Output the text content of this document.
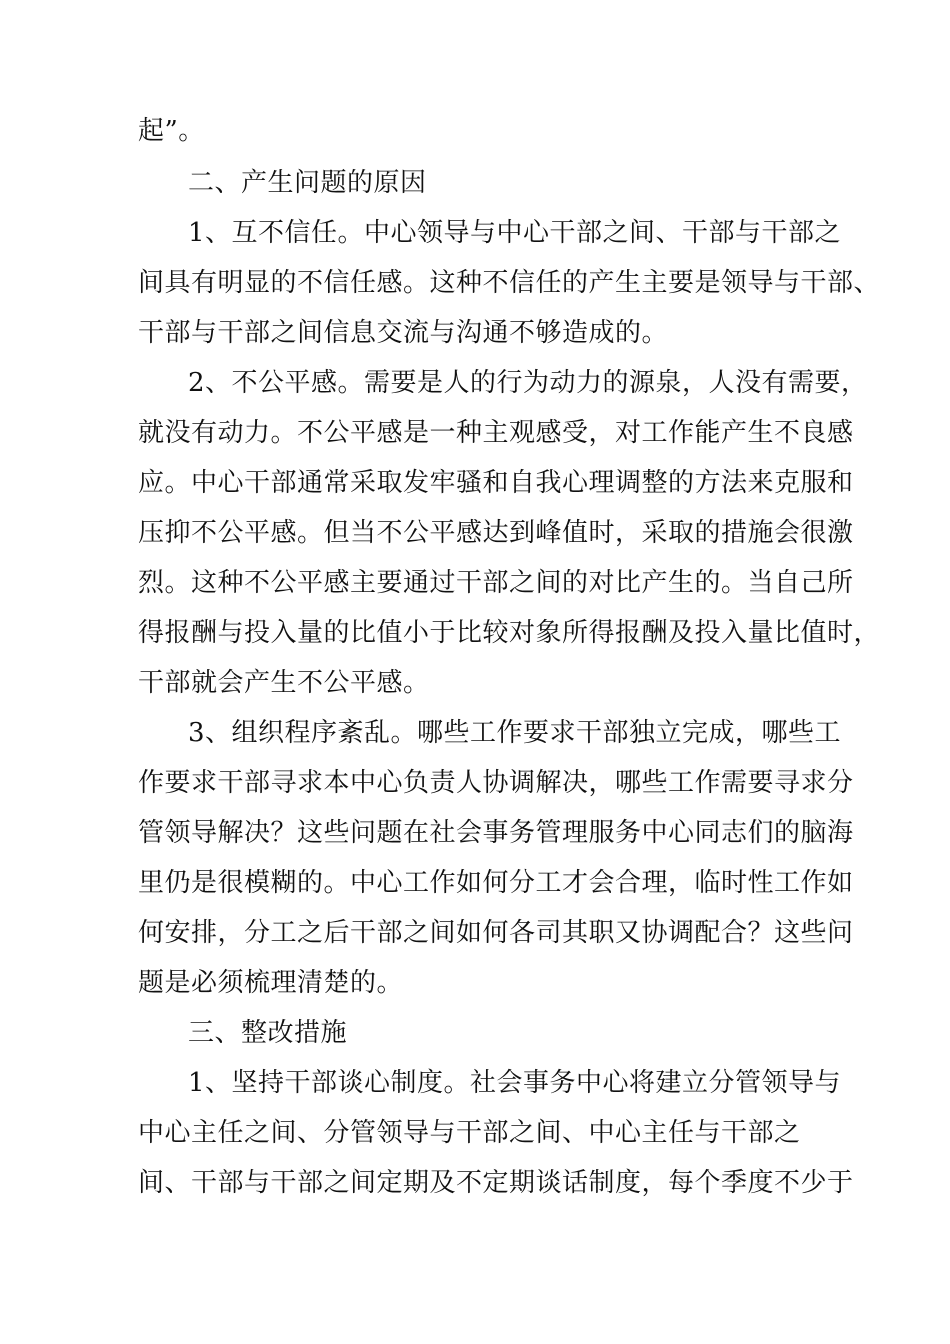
起”。
二、产生问题的原因
1、互不信任。中心领导与中心干部之间、干部与干部之
间具有明显的不信任感。这种不信任的产生主要是领导与干部、
干部与干部之间信息交流与沟通不够造成的。
2、不公平感。需要是人的行为动力的源泉，人没有需要，
就没有动力。不公平感是一种主观感受，对工作能产生不良感
应。中心干部通常采取发牢骚和自我心理调整的方法来克服和
压抑不公平感。但当不公平感达到峰值时，采取的措施会很激
烈。这种不公平感主要通过干部之间的对比产生的。当自己所
得报酬与投入量的比值小于比较对象所得报酬及投入量比值时，
干部就会产生不公平感。
3、组织程序紊乱。哪些工作要求干部独立完成，哪些工
作要求干部寻求本中心负责人协调解决，哪些工作需要寻求分
管领导解决？这些问题在社会事务管理服务中心同志们的脑海
里仍是很模糊的。中心工作如何分工才会合理，临时性工作如
何安排，分工之后干部之间如何各司其职又协调配合？这些问
题是必须梳理清楚的。
三、整改措施
1、坚持干部谈心制度。社会事务中心将建立分管领导与
中心主任之间、分管领导与干部之间、中心主任与干部之
间、干部与干部之间定期及不定期谈话制度，每个季度不少于
